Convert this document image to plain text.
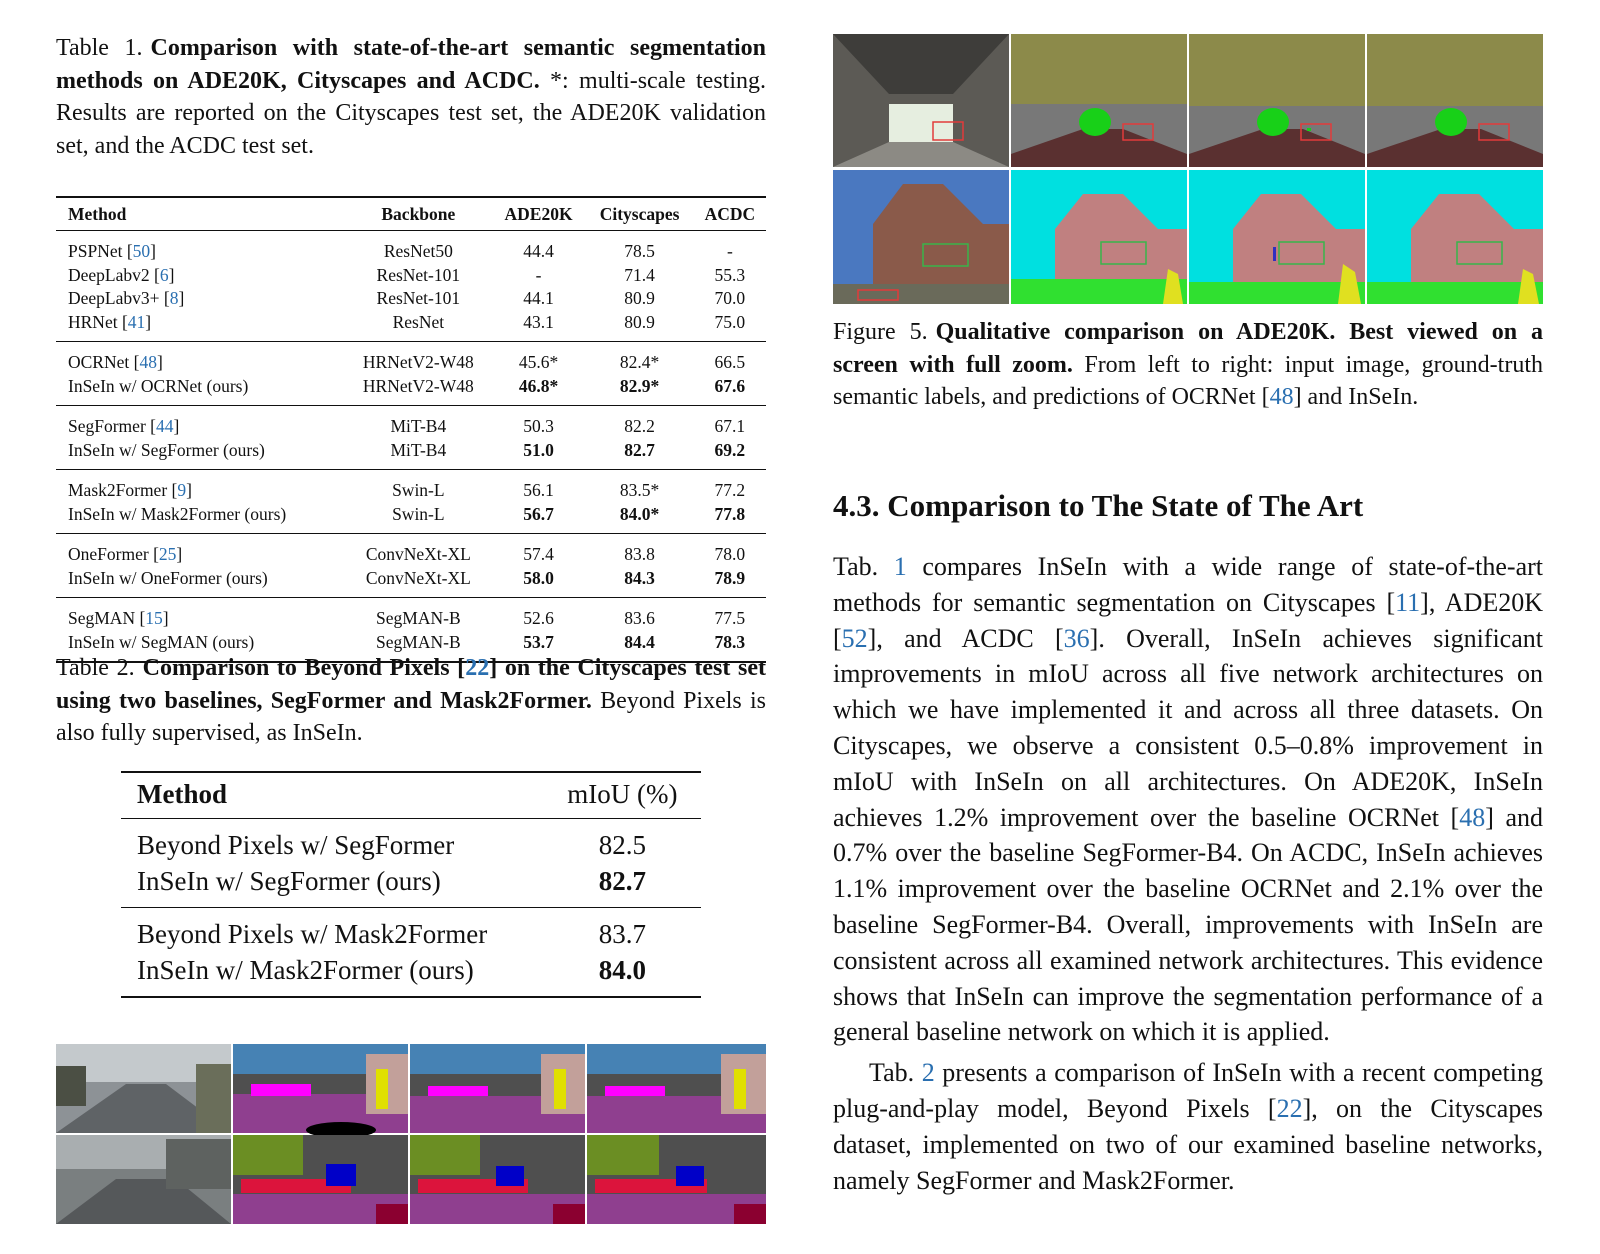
Table 1. Comparison with state-of-the-art semantic segmentation methods on ADE20K, Cityscapes and ACDC. *: multi-scale testing. Results are reported on the Cityscapes test set, the ADE20K validation set, and the ACDC test set.

Method	Backbone	ADE20K	Cityscapes	ACDC
PSPNet [50]	ResNet50	44.4	78.5	-
DeepLabv2 [6]	ResNet-101	-	71.4	55.3
DeepLabv3+ [8]	ResNet-101	44.1	80.9	70.0
HRNet [41]	ResNet	43.1	80.9	75.0
OCRNet [48]	HRNetV2-W48	45.6*	82.4*	66.5
InSeIn w/ OCRNet (ours)	HRNetV2-W48	46.8*	82.9*	67.6
SegFormer [44]	MiT-B4	50.3	82.2	67.1
InSeIn w/ SegFormer (ours)	MiT-B4	51.0	82.7	69.2
Mask2Former [9]	Swin-L	56.1	83.5*	77.2
InSeIn w/ Mask2Former (ours)	Swin-L	56.7	84.0*	77.8
OneFormer [25]	ConvNeXt-XL	57.4	83.8	78.0
InSeIn w/ OneFormer (ours)	ConvNeXt-XL	58.0	84.3	78.9
SegMAN [15]	SegMAN-B	52.6	83.6	77.5
InSeIn w/ SegMAN (ours)	SegMAN-B	53.7	84.4	78.3

Table 2. Comparison to Beyond Pixels [22] on the Cityscapes test set using two baselines, SegFormer and Mask2Former. Beyond Pixels is also fully supervised, as InSeIn.

Method	mIoU (%)
Beyond Pixels w/ SegFormer	82.5
InSeIn w/ SegFormer (ours)	82.7
Beyond Pixels w/ Mask2Former	83.7
InSeIn w/ Mask2Former (ours)	84.0

Figure 5. Qualitative comparison on ADE20K. Best viewed on a screen with full zoom. From left to right: input image, ground-truth semantic labels, and predictions of OCRNet [48] and InSeIn.

4.3. Comparison to The State of The Art

Tab. 1 compares InSeIn with a wide range of state-of-the-art methods for semantic segmentation on Cityscapes [11], ADE20K [52], and ACDC [36]. Overall, InSeIn achieves significant improvements in mIoU across all five network architectures on which we have implemented it and across all three datasets. On Cityscapes, we observe a consistent 0.5–0.8% improvement in mIoU with InSeIn on all architectures. On ADE20K, InSeIn achieves 1.2% improvement over the baseline OCRNet [48] and 0.7% over the baseline SegFormer-B4. On ACDC, InSeIn achieves 1.1% improvement over the baseline OCRNet and 2.1% over the baseline SegFormer-B4. Overall, improvements with InSeIn are consistent across all examined network architectures. This evidence shows that InSeIn can improve the segmentation performance of a general baseline network on which it is applied.

Tab. 2 presents a comparison of InSeIn with a recent competing plug-and-play model, Beyond Pixels [22], on the Cityscapes dataset, implemented on two of our examined baseline networks, namely SegFormer and Mask2Former.
